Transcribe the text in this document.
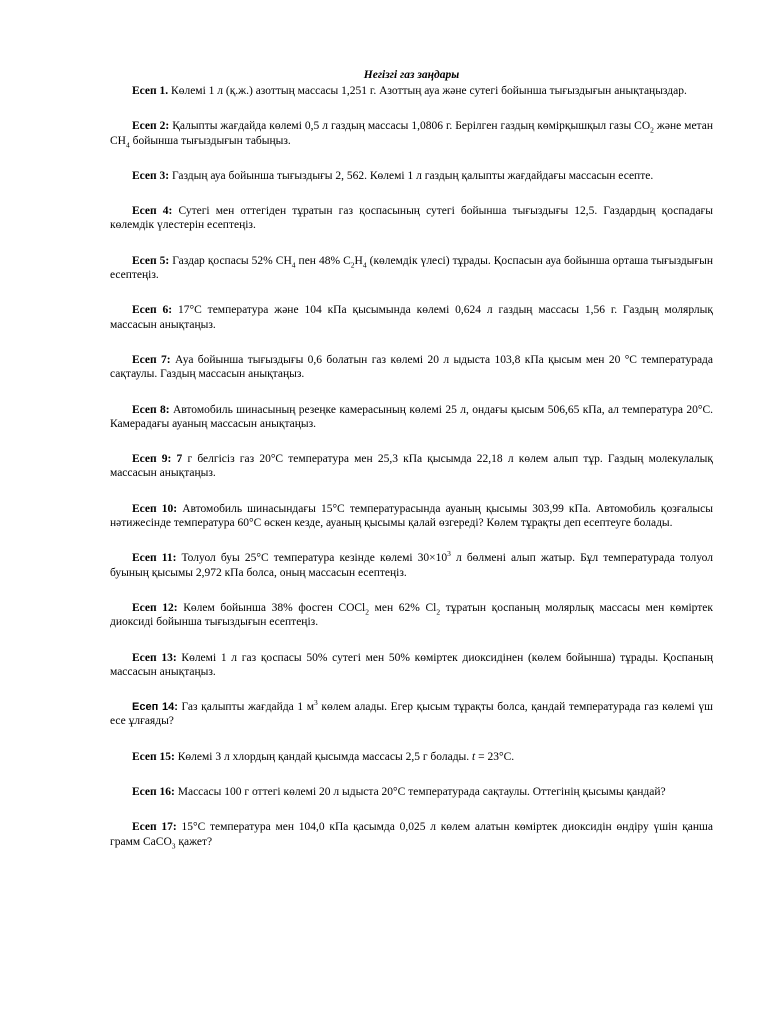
Негізгі газ заңдары

Есеп 1. Көлемі 1 л (қ.ж.) азоттың массасы 1,251 г. Азоттың ауа және сутегі бойынша тығыздығын анықтаңыздар.

Есеп 2: Қалыпты жағдайда көлемі 0,5 л газдың массасы 1,0806 г. Берілген газдың көмірқышқыл газы $CO_2$ және метан $CH_4$ бойынша тығыздығын табыңыз.

Есеп 3: Газдың ауа бойынша тығыздығы 2, 562. Көлемі 1 л газдың қалыпты жағдайдағы массасын есепте.

Есеп 4: Сутегі мен оттегіден тұратын газ қоспасының сутегі бойынша тығыздығы 12,5. Газдардың қоспадағы көлемдік үлестерін есептеңіз.

Есеп 5: Газдар қоспасы 52% $CH_4$ пен 48% $C_2H_4$ (көлемдік үлесі) тұрады. Қоспасын ауа бойынша орташа тығыздығын есептеңіз.

Есеп 6: 17°C температура және 104 кПа қысымында көлемі 0,624 л газдың массасы 1,56 г. Газдың молярлық массасын анықтаңыз.

Есеп 7: Ауа бойынша тығыздығы 0,6 болатын газ көлемі 20 л ыдыста 103,8 кПа қысым мен 20 °C температурада сақтаулы. Газдың массасын анықтаңыз.

Есеп 8: Автомобиль шинасының резеңке камерасының көлемі 25 л, ондағы қысым 506,65 кПа, ал температура 20°C. Камерадағы ауаның массасын анықтаңыз.

Есеп 9: 7 г белгісіз газ 20°C температура мен 25,3 кПа қысымда 22,18 л көлем алып тұр. Газдың молекулалық массасын анықтаңыз.

Есеп 10: Автомобиль шинасындағы 15°C температурасында ауаның қысымы 303,99 кПа. Автомобиль қозғалысы нәтижесінде температура 60°C өскен кезде, ауаның қысымы қалай өзгереді? Көлем тұрақты деп есептеуге болады.

Есеп 11: Толуол буы 25°C температура кезінде көлемі $30\times 10^3$ л бөлмені алып жатыр. Бұл температурада толуол буының қысымы 2,972 кПа болса, оның массасын есептеңіз.

Есеп 12: Көлем бойынша 38% фосген COCl$_2$ мен 62% $Cl_2$ тұратын қоспаның молярлық массасы мен көміртек диоксиді бойынша тығыздығын есептеңіз.

Есеп 13: Көлемі 1 л газ қоспасы 50% сутегі мен 50% көміртек диоксидінен (көлем бойынша) тұрады. Қоспаның массасын анықтаңыз.

Есеп 14: Газ қалыпты жағдайда 1 $м^3$ көлем алады. Егер қысым тұрақты болса, қандай температурада газ көлемі үш есе ұлғаяды?

Есеп 15: Көлемі 3 л хлордың қандай қысымда массасы 2,5 г болады. t = 23°C.

Есеп 16: Массасы 100 г оттегі көлемі 20 л ыдыста 20°C температурада сақтаулы. Оттегінің қысымы қандай?

Есеп 17: 15°C температура мен 104,0 кПа қасымда 0,025 л көлем алатын көміртек диоксидін өндіру үшін қанша грамм CaCO$_3$ қажет?
